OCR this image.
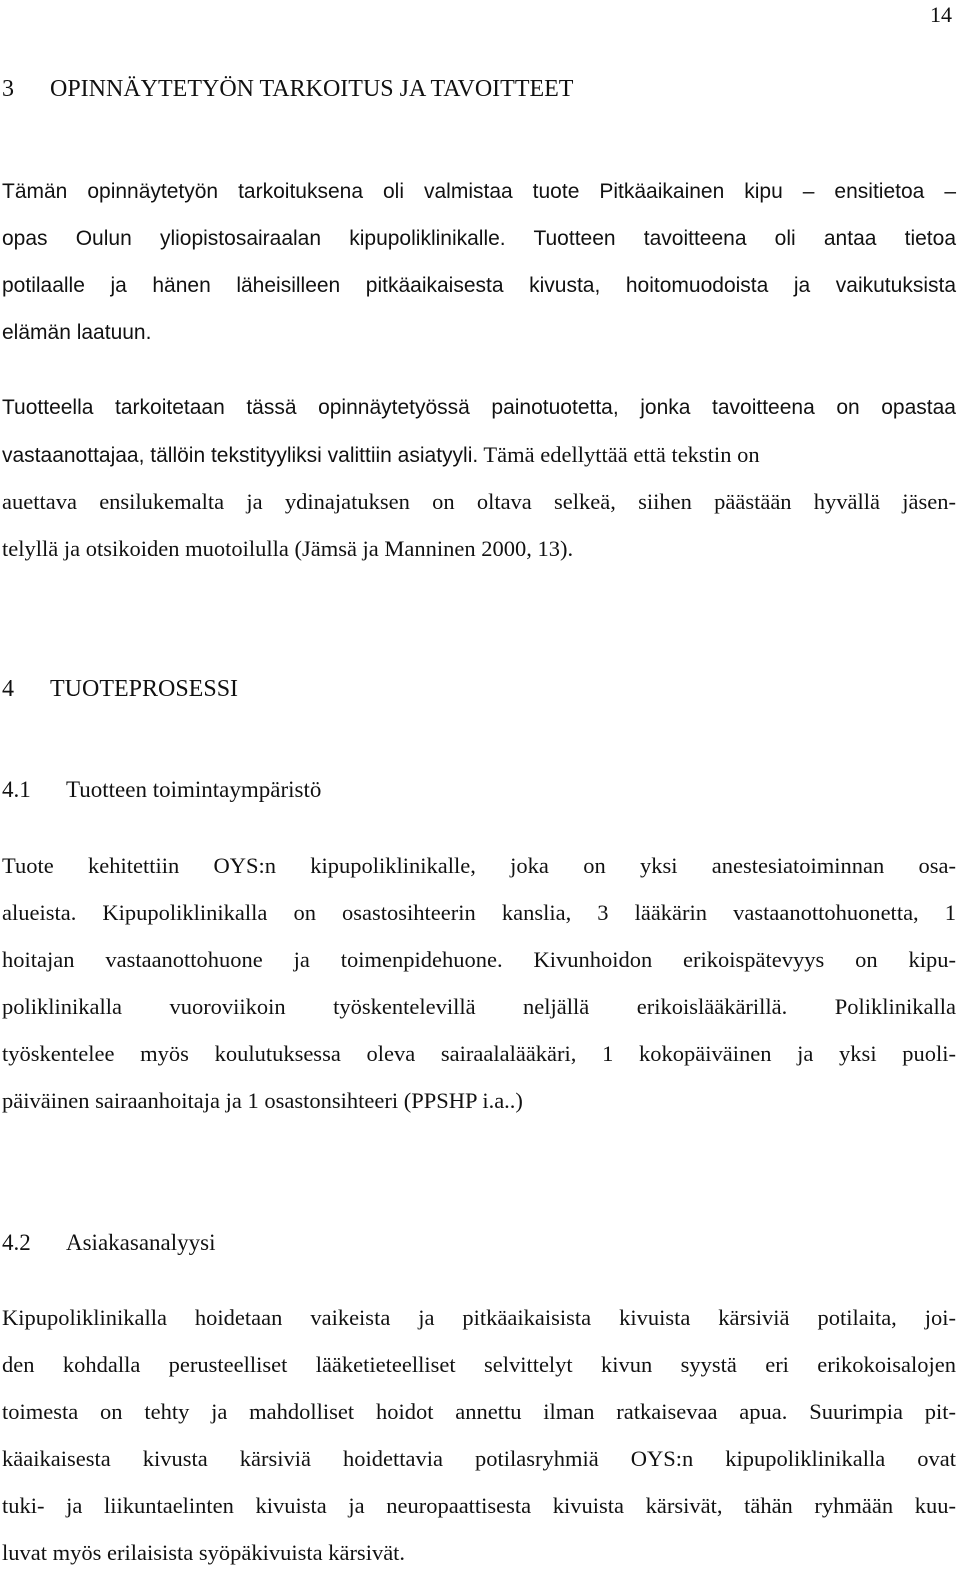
14
3 OPINNÄYTETYÖN TARKOITUS JA TAVOITTEET
Tämän opinnäytetyön tarkoituksena oli valmistaa tuote Pitkäaikainen kipu – ensitietoa –
opas Oulun yliopistosairaalan kipupoliklinikalle. Tuotteen tavoitteena oli antaa tietoa
potilaalle ja hänen läheisilleen pitkäaikaisesta kivusta, hoitomuodoista ja vaikutuksista
elämän laatuun.
Tuotteella tarkoitetaan tässä opinnäytetyössä painotuotetta, jonka tavoitteena on opastaa
vastaanottajaa, tällöin tekstityyliksi valittiin asiatyyli. Tämä edellyttää että tekstin on
auettava ensilukemalta ja ydinajatuksen on oltava selkeä, siihen päästään hyvällä jäsen-
telyllä ja otsikoiden muotoilulla (Jämsä ja Manninen 2000, 13).
4 TUOTEPROSESSI
4.1 Tuotteen toimintaympäristö
Tuote kehitettiin OYS:n kipupoliklinikalle, joka on yksi anestesiatoiminnan osa-
alueista. Kipupoliklinikalla on osastosihteerin kanslia, 3 lääkärin vastaanottohuonetta, 1
hoitajan vastaanottohuone ja toimenpidehuone. Kivunhoidon erikoispätevyys on kipu-
poliklinikalla vuoroviikoin työskentelevillä neljällä erikoislääkärillä. Poliklinikalla
työskentelee myös koulutuksessa oleva sairaalalääkäri, 1 kokopäiväinen ja yksi puoli-
päiväinen sairaanhoitaja ja 1 osastonsihteeri (PPSHP i.a..)
4.2 Asiakasanalyysi
Kipupoliklinikalla hoidetaan vaikeista ja pitkäaikaisista kivuista kärsiviä potilaita, joi-
den kohdalla perusteelliset lääketieteelliset selvittelyt kivun syystä eri erikokoisalojen
toimesta on tehty ja mahdolliset hoidot annettu ilman ratkaisevaa apua. Suurimpia pit-
käaikaisesta kivusta kärsiviä hoidettavia potilasryhmiä OYS:n kipupoliklinikalla ovat
tuki- ja liikuntaelinten kivuista ja neuropaattisesta kivuista kärsivät, tähän ryhmään kuu-
luvat myös erilaisista syöpäkivuista kärsivät.
